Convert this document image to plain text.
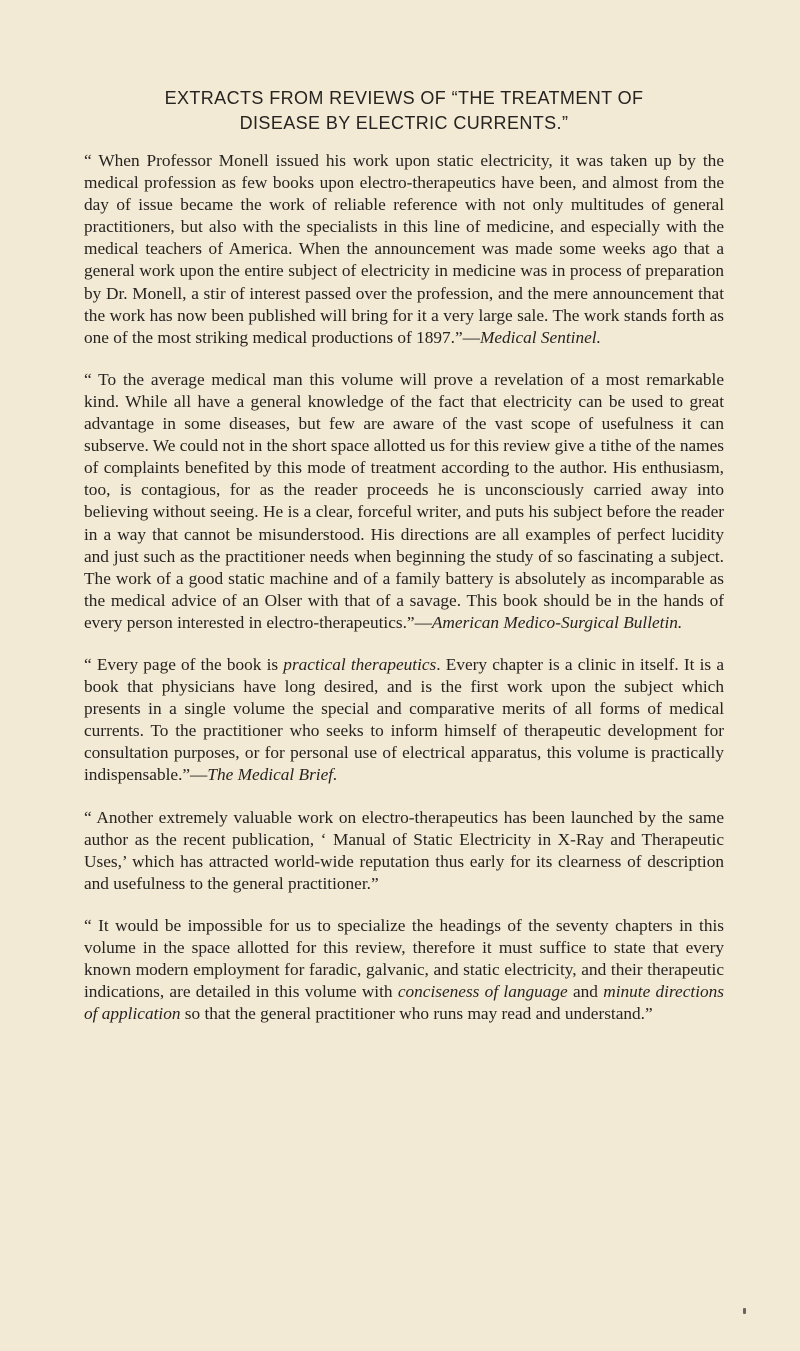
EXTRACTS FROM REVIEWS OF “THE TREATMENT OF
DISEASE BY ELECTRIC CURRENTS.”

“ When Professor Monell issued his work upon static electricity, it was taken up by the medical profession as few books upon electro-therapeutics have been, and almost from the day of issue became the work of reliable reference with not only multitudes of general practitioners, but also with the specialists in this line of medicine, and especially with the medical teachers of America. When the announcement was made some weeks ago that a general work upon the entire subject of electricity in medicine was in process of preparation by Dr. Monell, a stir of interest passed over the profession, and the mere announcement that the work has now been published will bring for it a very large sale. The work stands forth as one of the most striking medical productions of 1897.”—Medical Sentinel.

“ To the average medical man this volume will prove a revelation of a most remarkable kind. While all have a general knowledge of the fact that electricity can be used to great advantage in some diseases, but few are aware of the vast scope of usefulness it can subserve. We could not in the short space allotted us for this review give a tithe of the names of complaints benefited by this mode of treatment according to the author. His enthusiasm, too, is contagious, for as the reader proceeds he is unconsciously carried away into believing without seeing. He is a clear, forceful writer, and puts his subject before the reader in a way that cannot be misunderstood. His directions are all examples of perfect lucidity and just such as the practitioner needs when beginning the study of so fascinating a subject. The work of a good static machine and of a family battery is absolutely as incomparable as the medical advice of an Olser with that of a savage. This book should be in the hands of every person interested in electro-therapeutics.”—American Medico-Surgical Bulletin.

“ Every page of the book is practical therapeutics. Every chapter is a clinic in itself. It is a book that physicians have long desired, and is the first work upon the subject which presents in a single volume the special and comparative merits of all forms of medical currents. To the practitioner who seeks to inform himself of therapeutic development for consultation purposes, or for personal use of electrical apparatus, this volume is practically indispensable.”—The Medical Brief.

“ Another extremely valuable work on electro-therapeutics has been launched by the same author as the recent publication, ‘ Manual of Static Electricity in X-Ray and Therapeutic Uses,’ which has attracted world-wide reputation thus early for its clearness of description and usefulness to the general practitioner.”

“ It would be impossible for us to specialize the headings of the seventy chapters in this volume in the space allotted for this review, therefore it must suffice to state that every known modern employment for faradic, galvanic, and static electricity, and their therapeutic indications, are detailed in this volume with conciseness of language and minute directions of application so that the general practitioner who runs may read and understand.”
